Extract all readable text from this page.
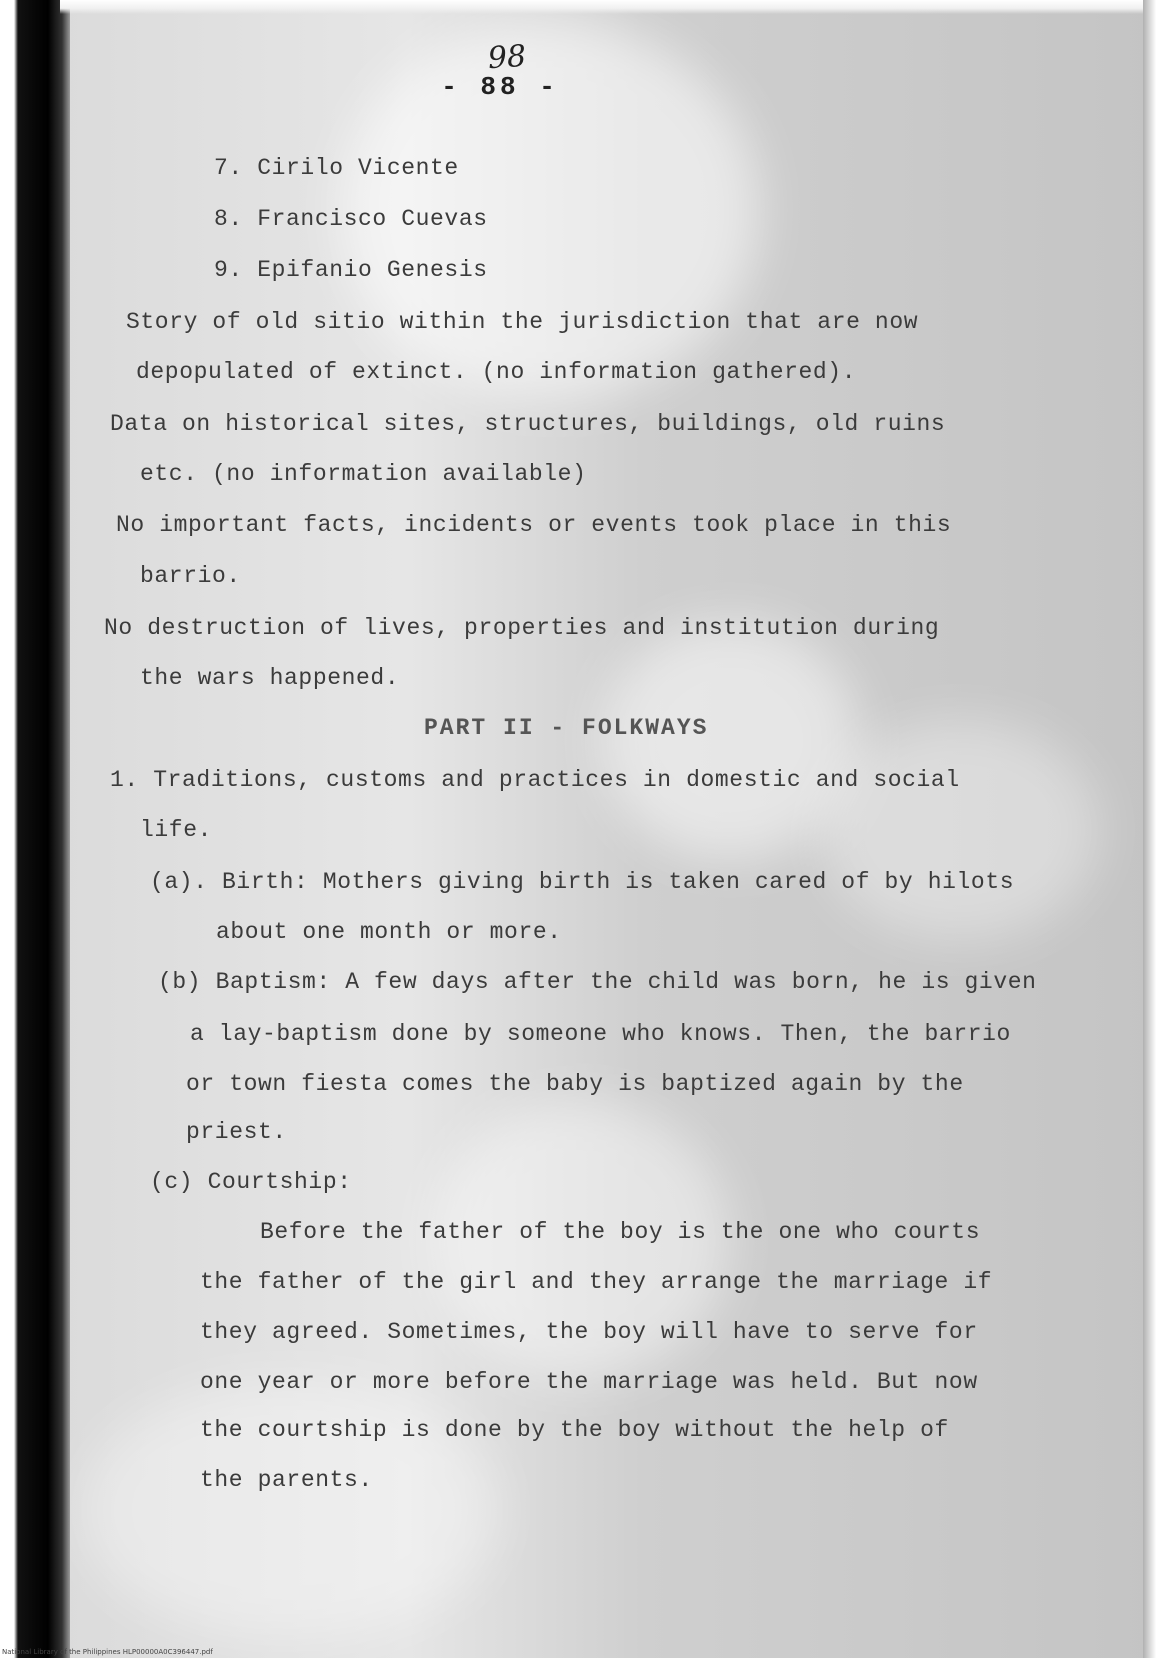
98
- 88 -
7. Cirilo Vicente
8. Francisco Cuevas
9. Epifanio Genesis
Story of old sitio within the jurisdiction that are now
depopulated of extinct. (no information gathered).
Data on historical sites, structures, buildings, old ruins
etc. (no information available)
No important facts, incidents or events took place in this
barrio.
No destruction of lives, properties and institution during
the wars happened.
PART II - FOLKWAYS
1. Traditions, customs and practices in domestic and social
life.
(a). Birth: Mothers giving birth is taken cared of by hilots
about one month or more.
(b) Baptism: A few days after the child was born, he is given
a lay-baptism done by someone who knows. Then, the barrio
or town fiesta comes the baby is baptized again by the
priest.
(c) Courtship:
Before the father of the boy is the one who courts
the father of the girl and they arrange the marriage if
they agreed. Sometimes, the boy will have to serve for
one year or more before the marriage was held. But now
the courtship is done by the boy without the help of
the parents.
National Library of the Philippines HLP00000A0C396447.pdf
